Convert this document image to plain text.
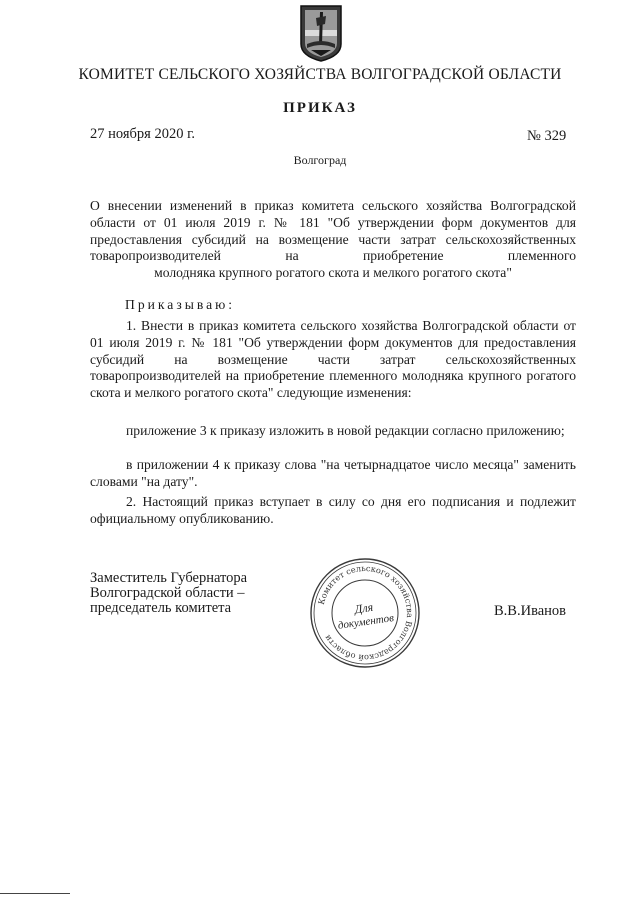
КОМИТЕТ СЕЛЬСКОГО ХОЗЯЙСТВА ВОЛГОГРАДСКОЙ ОБЛАСТИ
ПРИКАЗ
27 ноября 2020 г.	№ 329
Волгоград
О внесении изменений в приказ комитета сельского хозяйства Волгоградской области от 01 июля 2019 г. № 181 "Об утверждении форм документов для предоставления субсидий на возмещение части затрат сельскохозяйственных товаропроизводителей на приобретение племенного
молодняка крупного рогатого скота и мелкого рогатого скота"
Приказываю:
1. Внести в приказ комитета сельского хозяйства Волгоградской области от 01 июля 2019 г. № 181 "Об утверждении форм документов для предоставления субсидий на возмещение части затрат сельскохозяйственных товаропроизводителей на приобретение племенного молодняка крупного рогатого скота и мелкого рогатого скота" следующие изменения:
приложение 3 к приказу изложить в новой редакции согласно приложению;
в приложении 4 к приказу слова "на четырнадцатое число месяца" заменить словами "на дату".
2. Настоящий приказ вступает в силу со дня его подписания и подлежит официальному опубликованию.
Заместитель Губернатора
Волгоградской области –
председатель комитета	В.В.Иванов
Комитет сельского хозяйства Волгоградской области
Для
документов
